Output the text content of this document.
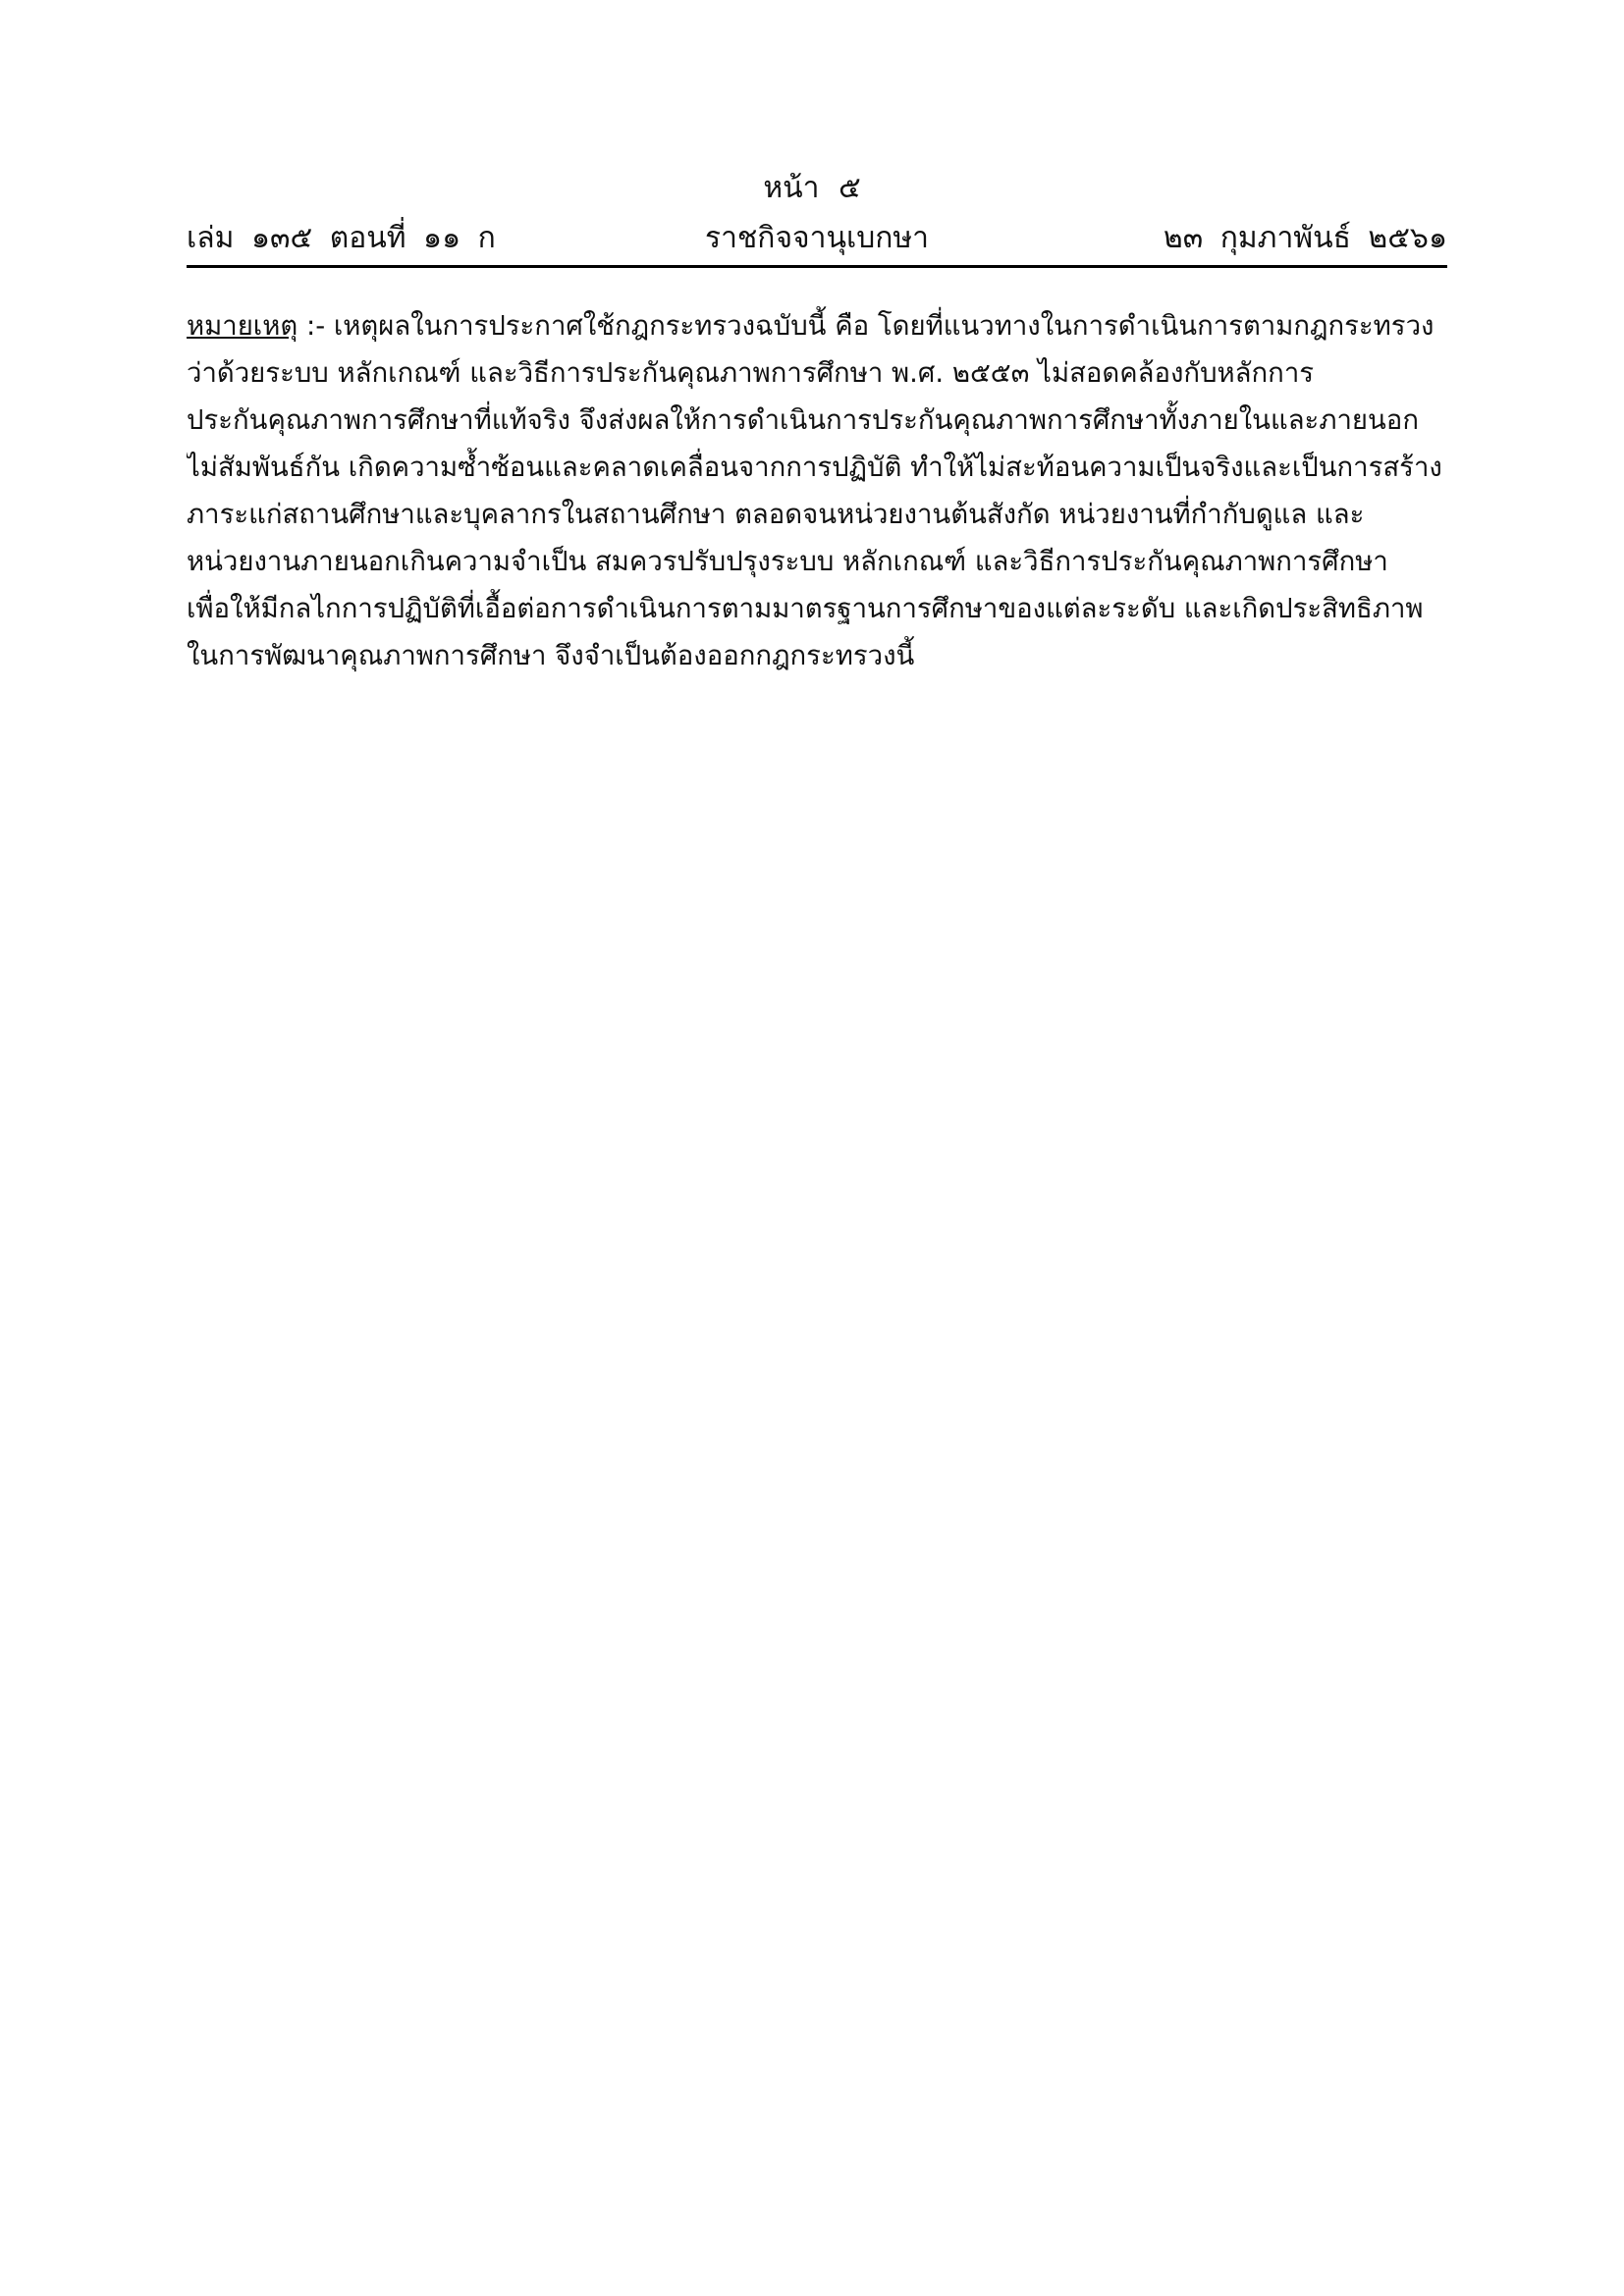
หน้า ๕
เล่ม ๑๓๕ ตอนที่ ๑๑ ก	ราชกิจจานุเบกษา	๒๓ กุมภาพันธ์ ๒๕๖๑
หมายเหตุ :- เหตุผลในการประกาศใช้กฎกระทรวงฉบับนี้ คือ โดยที่แนวทางในการดำเนินการตามกฎกระทรวง
ว่าด้วยระบบ หลักเกณฑ์ และวิธีการประกันคุณภาพการศึกษา พ.ศ. ๒๕๕๓ ไม่สอดคล้องกับหลักการ
ประกันคุณภาพการศึกษาที่แท้จริง จึงส่งผลให้การดำเนินการประกันคุณภาพการศึกษาทั้งภายในและภายนอก
ไม่สัมพันธ์กัน เกิดความซ้ำซ้อนและคลาดเคลื่อนจากการปฏิบัติ ทำให้ไม่สะท้อนความเป็นจริงและเป็นการสร้าง
ภาระแก่สถานศึกษาและบุคลากรในสถานศึกษา ตลอดจนหน่วยงานต้นสังกัด หน่วยงานที่กำกับดูแล และ
หน่วยงานภายนอกเกินความจำเป็น สมควรปรับปรุงระบบ หลักเกณฑ์ และวิธีการประกันคุณภาพการศึกษา
เพื่อให้มีกลไกการปฏิบัติที่เอื้อต่อการดำเนินการตามมาตรฐานการศึกษาของแต่ละระดับ และเกิดประสิทธิภาพ
ในการพัฒนาคุณภาพการศึกษา จึงจำเป็นต้องออกกฎกระทรวงนี้
